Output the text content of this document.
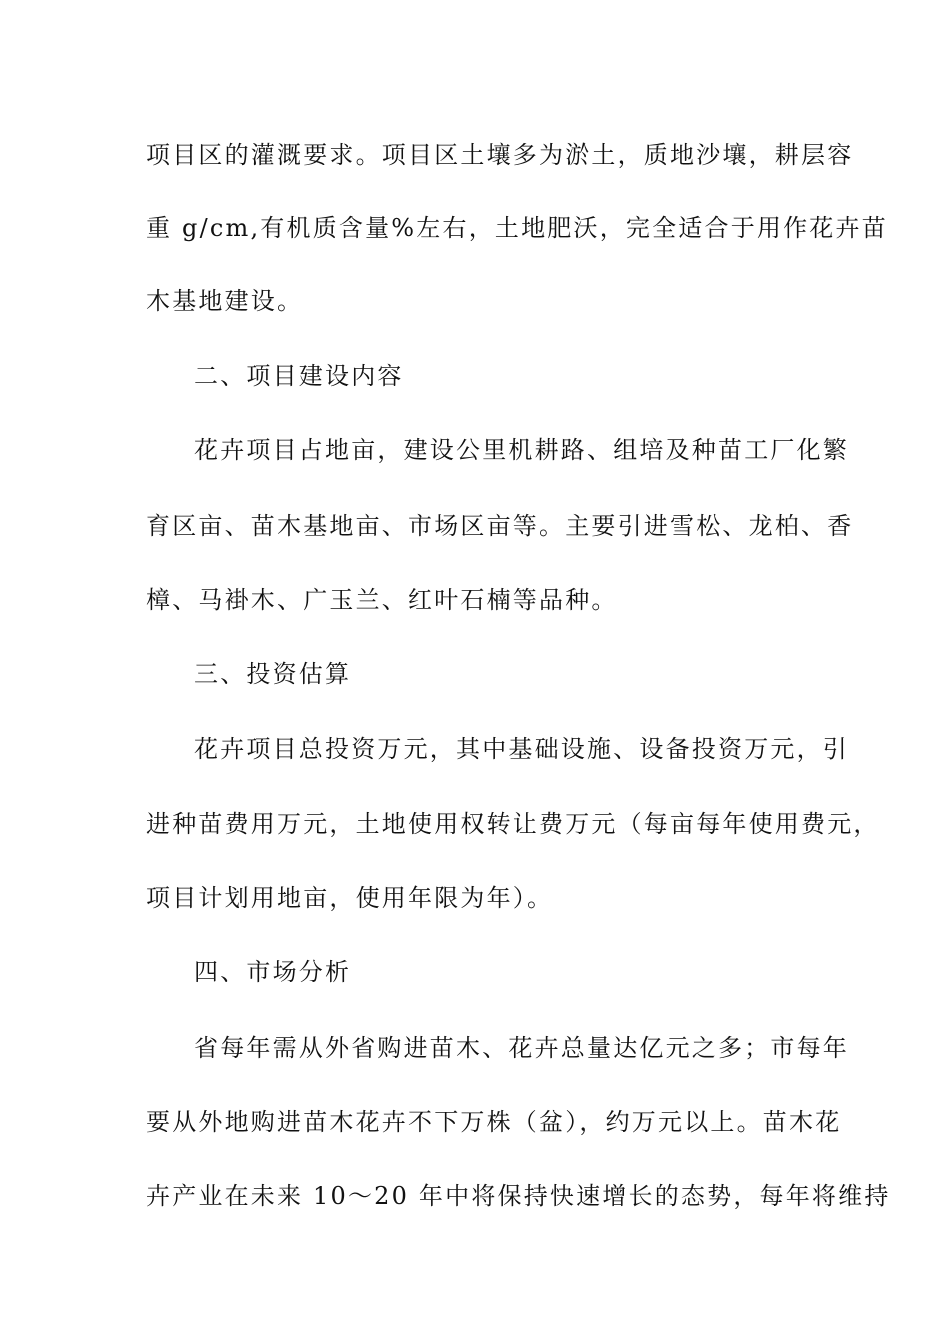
项目区的灌溉要求。项目区土壤多为淤土，质地沙壤，耕层容
重 g/cm,有机质含量%左右，土地肥沃，完全适合于用作花卉苗
木基地建设。
二、项目建设内容
花卉项目占地亩，建设公里机耕路、组培及种苗工厂化繁
育区亩、苗木基地亩、市场区亩等。主要引进雪松、龙柏、香
樟、马褂木、广玉兰、红叶石楠等品种。
三、投资估算
花卉项目总投资万元，其中基础设施、设备投资万元，引
进种苗费用万元，土地使用权转让费万元（每亩每年使用费元，
项目计划用地亩，使用年限为年）。
四、市场分析
省每年需从外省购进苗木、花卉总量达亿元之多；市每年
要从外地购进苗木花卉不下万株（盆），约万元以上。苗木花
卉产业在未来 10～20 年中将保持快速增长的态势，每年将维持
